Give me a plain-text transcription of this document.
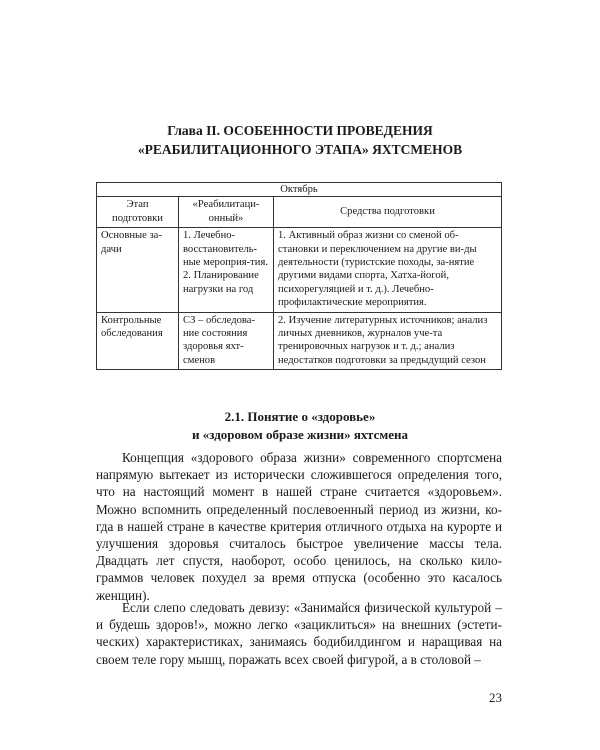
Глава II. ОСОБЕННОСТИ ПРОВЕДЕНИЯ
«РЕАБИЛИТАЦИОННОГО ЭТАПА» ЯХТСМЕНОВ
Октябрь		
Этап подготовки	«Реабилитаци-онный»	Средства подготовки
Основные за-дачи	1. Лечебно-восстановитель-ные мероприя-тия. 2. Планирование нагрузки на год	1. Активный образ жизни со сменой об-становки и переключением на другие ви-ды деятельности (туристские походы, за-нятие другими видами спорта, Хатха-йогой, психорегуляцией и т. д.). Лечебно-профилактические мероприятия.
Контрольные обследования	СЗ – обследова-ние состояния здоровья яхт-сменов	2. Изучение литературных источников; анализ личных дневников, журналов уче-та тренировочных нагрузок и т. д.; анализ недостатков подготовки за предыдущий сезон
2.1. Понятие о «здоровье»
и «здоровом образе жизни» яхтсмена

Концепция «здорового образа жизни» современного спортсмена напрямую вытекает из исторически сложившегося определения того, что на настоящий момент в нашей стране считается «здоровьем». Можно вспомнить определенный послевоенный период из жизни, ко-гда в нашей стране в качестве критерия отличного отдыха на курорте и улучшения здоровья считалось быстрое увеличение массы тела. Двадцать лет спустя, наоборот, особо ценилось, на сколько кило-граммов человек похудел за время отпуска (особенно это касалось женщин).

Если слепо следовать девизу: «Занимайся физической культурой – и будешь здоров!», можно легко «зациклиться» на внешних (эстети-ческих) характеристиках, занимаясь бодибилдингом и наращивая на своем теле гору мышц, поражать всех своей фигурой, а в столовой –

23
